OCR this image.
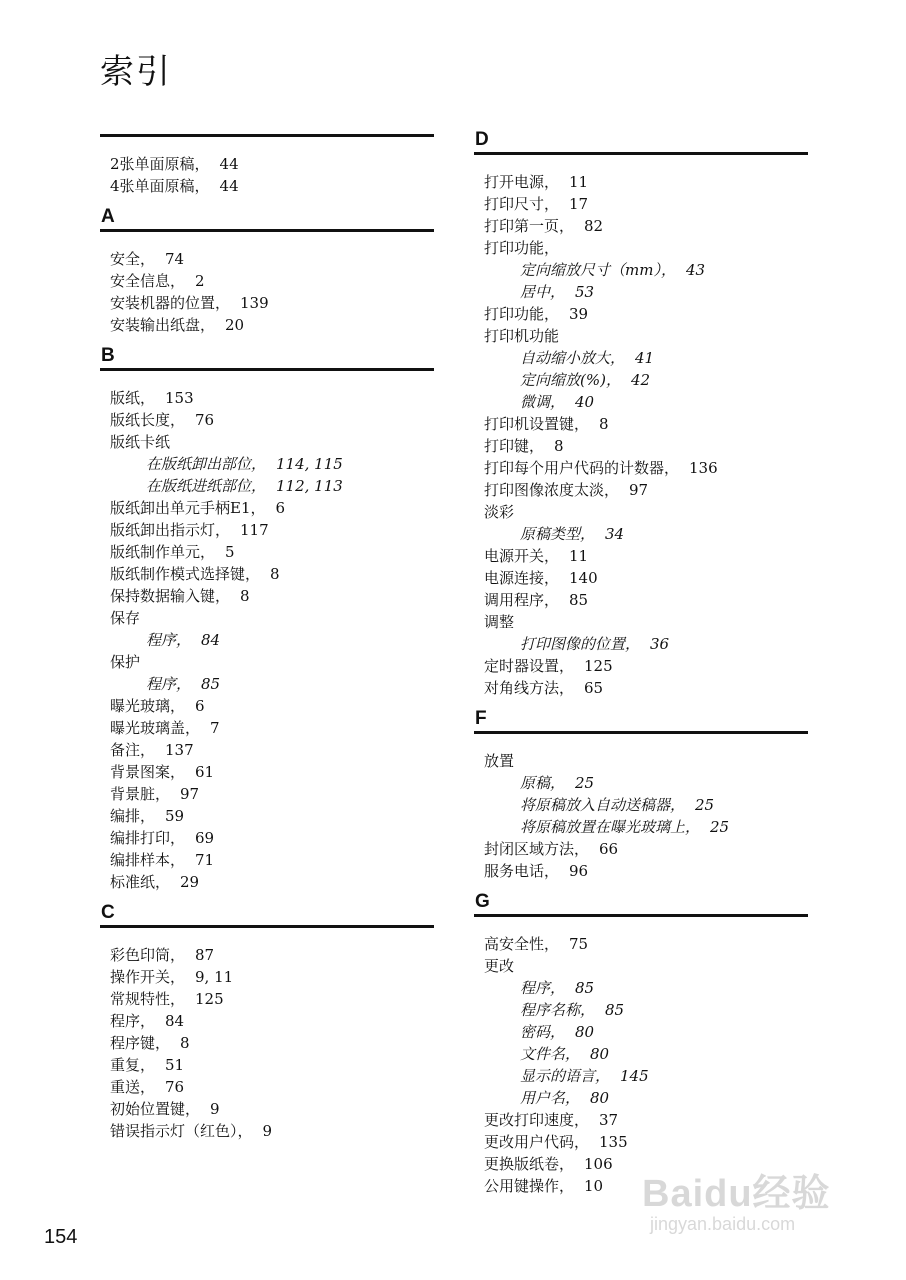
索引
2张单面原稿， 44
4张单面原稿， 44
A
安全， 74
安全信息， 2
安装机器的位置， 139
安装输出纸盘， 20
B
版纸， 153
版纸长度， 76
版纸卡纸
在版纸卸出部位， 114, 115
在版纸进纸部位， 112, 113
版纸卸出单元手柄E1， 6
版纸卸出指示灯， 117
版纸制作单元， 5
版纸制作模式选择键， 8
保持数据输入键， 8
保存
程序， 84
保护
程序， 85
曝光玻璃， 6
曝光玻璃盖， 7
备注， 137
背景图案， 61
背景脏， 97
编排， 59
编排打印， 69
编排样本， 71
标准纸， 29
C
彩色印筒， 87
操作开关， 9, 11
常规特性， 125
程序， 84
程序键， 8
重复， 51
重送， 76
初始位置键， 9
错误指示灯（红色）， 9
D
打开电源， 11
打印尺寸， 17
打印第一页， 82
打印功能，
定向缩放尺寸（mm）， 43
居中， 53
打印功能， 39
打印机功能
自动缩小放大， 41
定向缩放(%)， 42
微调， 40
打印机设置键， 8
打印键， 8
打印每个用户代码的计数器， 136
打印图像浓度太淡， 97
淡彩
原稿类型， 34
电源开关， 11
电源连接， 140
调用程序， 85
调整
打印图像的位置， 36
定时器设置， 125
对角线方法， 65
F
放置
原稿， 25
将原稿放入自动送稿器， 25
将原稿放置在曝光玻璃上， 25
封闭区域方法， 66
服务电话， 96
G
高安全性， 75
更改
程序， 85
程序名称， 85
密码， 80
文件名， 80
显示的语言， 145
用户名， 80
更改打印速度， 37
更改用户代码， 135
更换版纸卷， 106
公用键操作， 10
154
Baidu经验
jingyan.baidu.com
